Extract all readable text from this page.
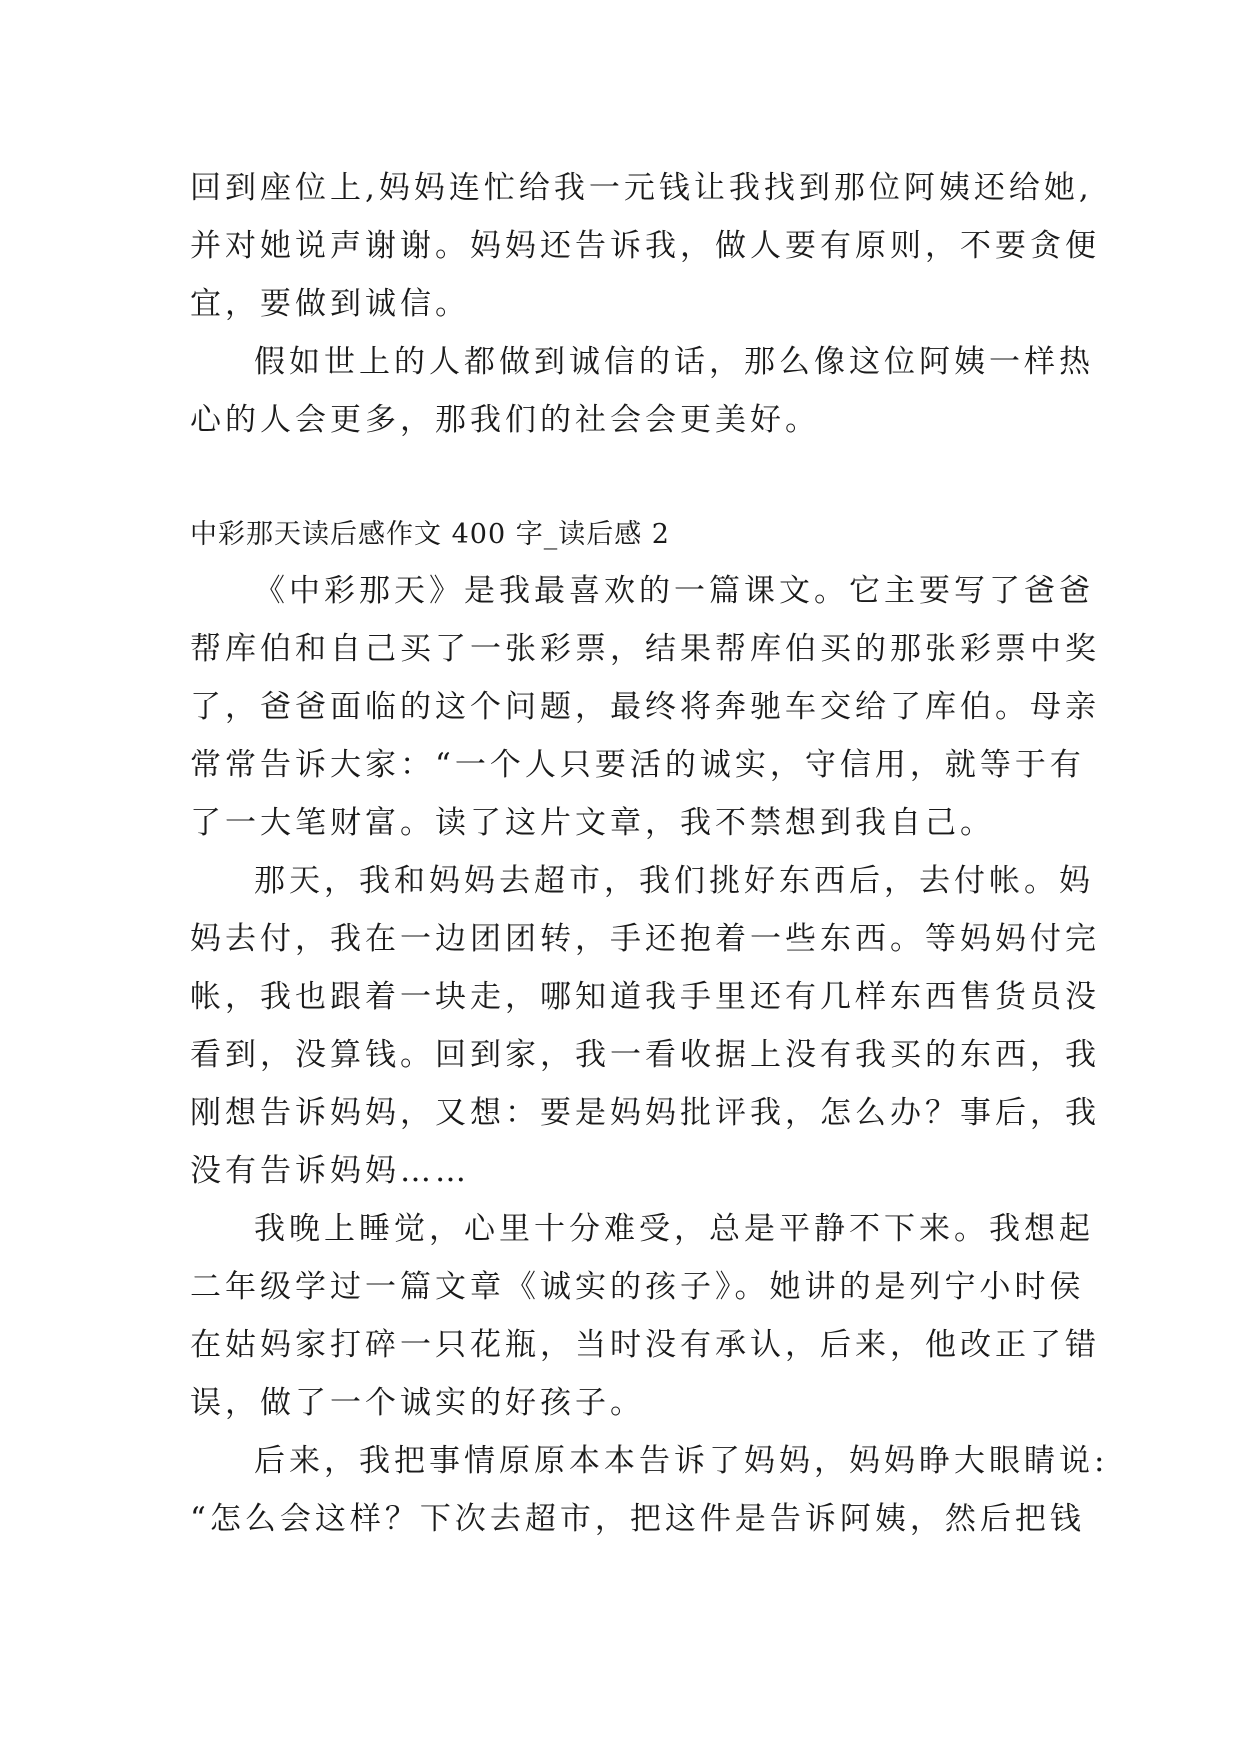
回到座位上,妈妈连忙给我一元钱让我找到那位阿姨还给她,
并对她说声谢谢。妈妈还告诉我，做人要有原则，不要贪便
宜，要做到诚信。
假如世上的人都做到诚信的话，那么像这位阿姨一样热
心的人会更多，那我们的社会会更美好。
中彩那天读后感作文 400 字_读后感 2
《中彩那天》是我最喜欢的一篇课文。它主要写了爸爸
帮库伯和自己买了一张彩票，结果帮库伯买的那张彩票中奖
了，爸爸面临的这个问题，最终将奔驰车交给了库伯。母亲
常常告诉大家：“一个人只要活的诚实，守信用，就等于有
了一大笔财富。读了这片文章，我不禁想到我自己。
那天，我和妈妈去超市，我们挑好东西后，去付帐。妈
妈去付，我在一边团团转，手还抱着一些东西。等妈妈付完
帐，我也跟着一块走，哪知道我手里还有几样东西售货员没
看到，没算钱。回到家，我一看收据上没有我买的东西，我
刚想告诉妈妈，又想：要是妈妈批评我，怎么办？事后，我
没有告诉妈妈……
我晚上睡觉，心里十分难受，总是平静不下来。我想起
二年级学过一篇文章《诚实的孩子》。她讲的是列宁小时侯
在姑妈家打碎一只花瓶，当时没有承认，后来，他改正了错
误，做了一个诚实的好孩子。
后来，我把事情原原本本告诉了妈妈，妈妈睁大眼睛说:
“怎么会这样？下次去超市，把这件是告诉阿姨，然后把钱
